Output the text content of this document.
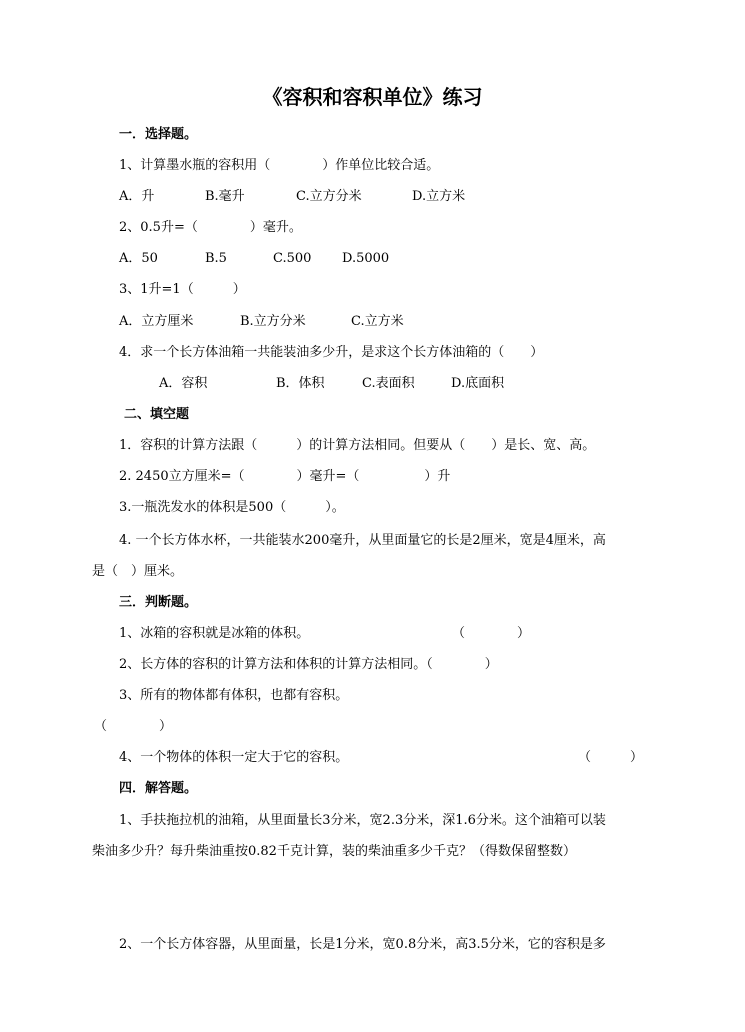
《容积和容积单位》练习
一．选择题。
1、计算墨水瓶的容积用（　　　　）作单位比较合适。
A．升	B.毫升	C.立方分米	D.立方米
2、0.5升=（　　　　）毫升。
A．50	B.5	C.500 D.5000
3、1升=1（　　　）
A．立方厘米	B.立方分米	C.立方米
4．求一个长方体油箱一共能装油多少升，是求这个长方体油箱的（　　）
A．容积	B．体积	C.表面积	D.底面积
二、填空题
1．容积的计算方法跟（　　　）的计算方法相同。但要从（　　）是长、宽、高。
2. 2450立方厘米=（　　　　）毫升=（　　　　　）升
3.一瓶洗发水的体积是500（　　　）。
4. 一个长方体水杯，一共能装水200毫升，从里面量它的长是2厘米，宽是4厘米，高
是（　）厘米。
三．判断题。
1、冰箱的容积就是冰箱的体积。	（　　　　）
2、长方体的容积的计算方法和体积的计算方法相同。（　　　　）
3、所有的物体都有体积，也都有容积。
（　　　　）
4、一个物体的体积一定大于它的容积。	（　　　）
四．解答题。
1、手扶拖拉机的油箱，从里面量长3分米，宽2.3分米，深1.6分米。这个油箱可以装
柴油多少升？每升柴油重按0.82千克计算，装的柴油重多少千克？（得数保留整数）
2、一个长方体容器，从里面量，长是1分米，宽0.8分米，高3.5分米，它的容积是多
